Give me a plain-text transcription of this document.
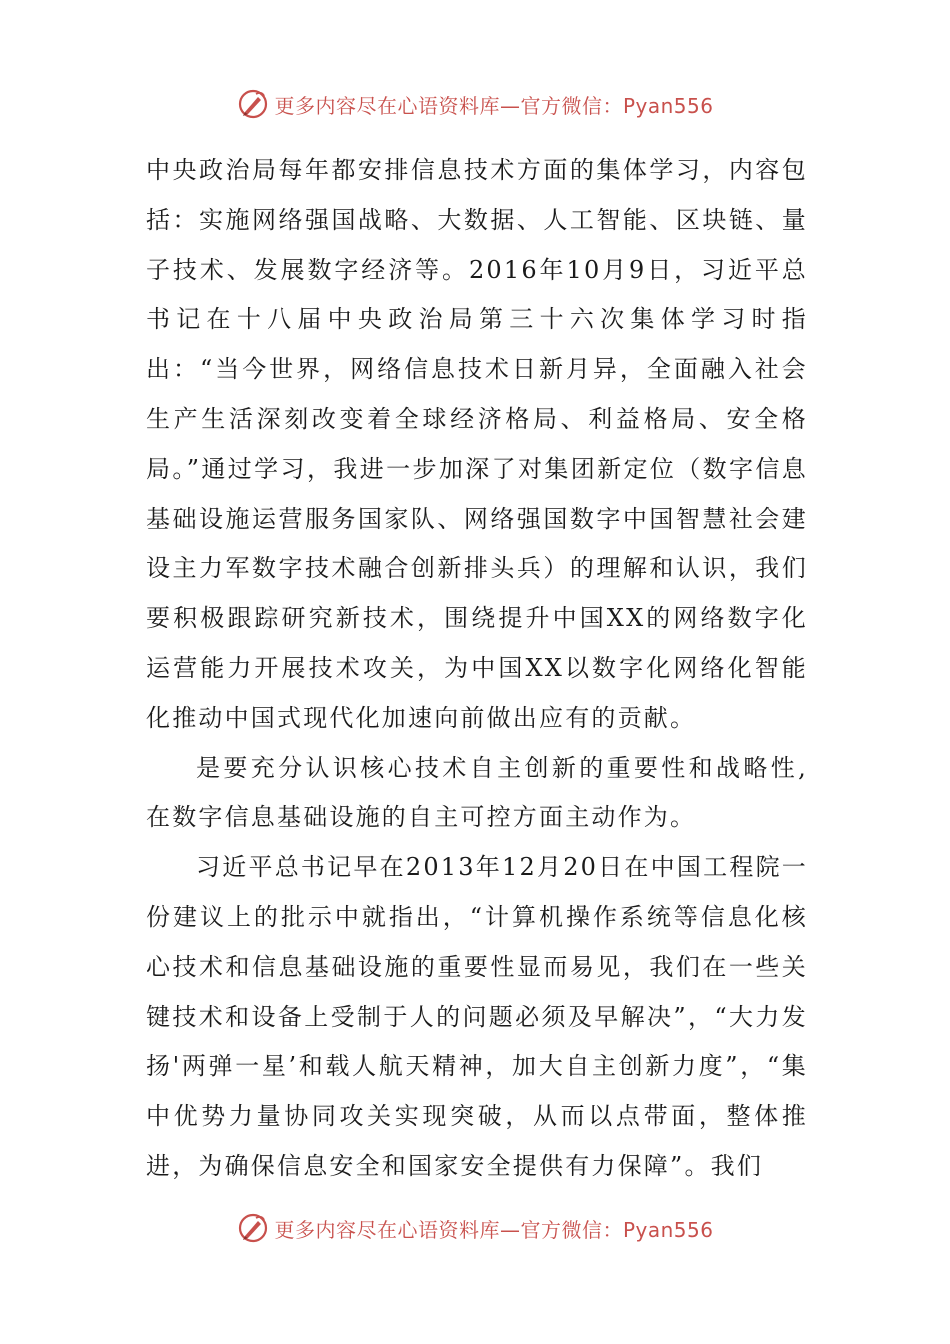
更多内容尽在心语资料库—官方微信：Pyan556

中央政治局每年都安排信息技术方面的集体学习，内容包括：实施网络强国战略、大数据、人工智能、区块链、量子技术、发展数字经济等。2016年10月9日，习近平总书记在十八届中央政治局第三十六次集体学习时指出：“当今世界，网络信息技术日新月异，全面融入社会生产生活深刻改变着全球经济格局、利益格局、安全格局。”通过学习，我进一步加深了对集团新定位（数字信息基础设施运营服务国家队、网络强国数字中国智慧社会建设主力军数字技术融合创新排头兵）的理解和认识，我们要积极跟踪研究新技术，围绕提升中国XX的网络数字化运营能力开展技术攻关，为中国XX以数字化网络化智能化推动中国式现代化加速向前做出应有的贡献。

是要充分认识核心技术自主创新的重要性和战略性,在数字信息基础设施的自主可控方面主动作为。

习近平总书记早在2013年12月20日在中国工程院一份建议上的批示中就指出，“计算机操作系统等信息化核心技术和信息基础设施的重要性显而易见，我们在一些关键技术和设备上受制于人的问题必须及早解决”，“大力发扬'两弹一星’和载人航天精神，加大自主创新力度”，“集中优势力量协同攻关实现突破，从而以点带面，整体推进，为确保信息安全和国家安全提供有力保障”。我们

更多内容尽在心语资料库—官方微信：Pyan556
